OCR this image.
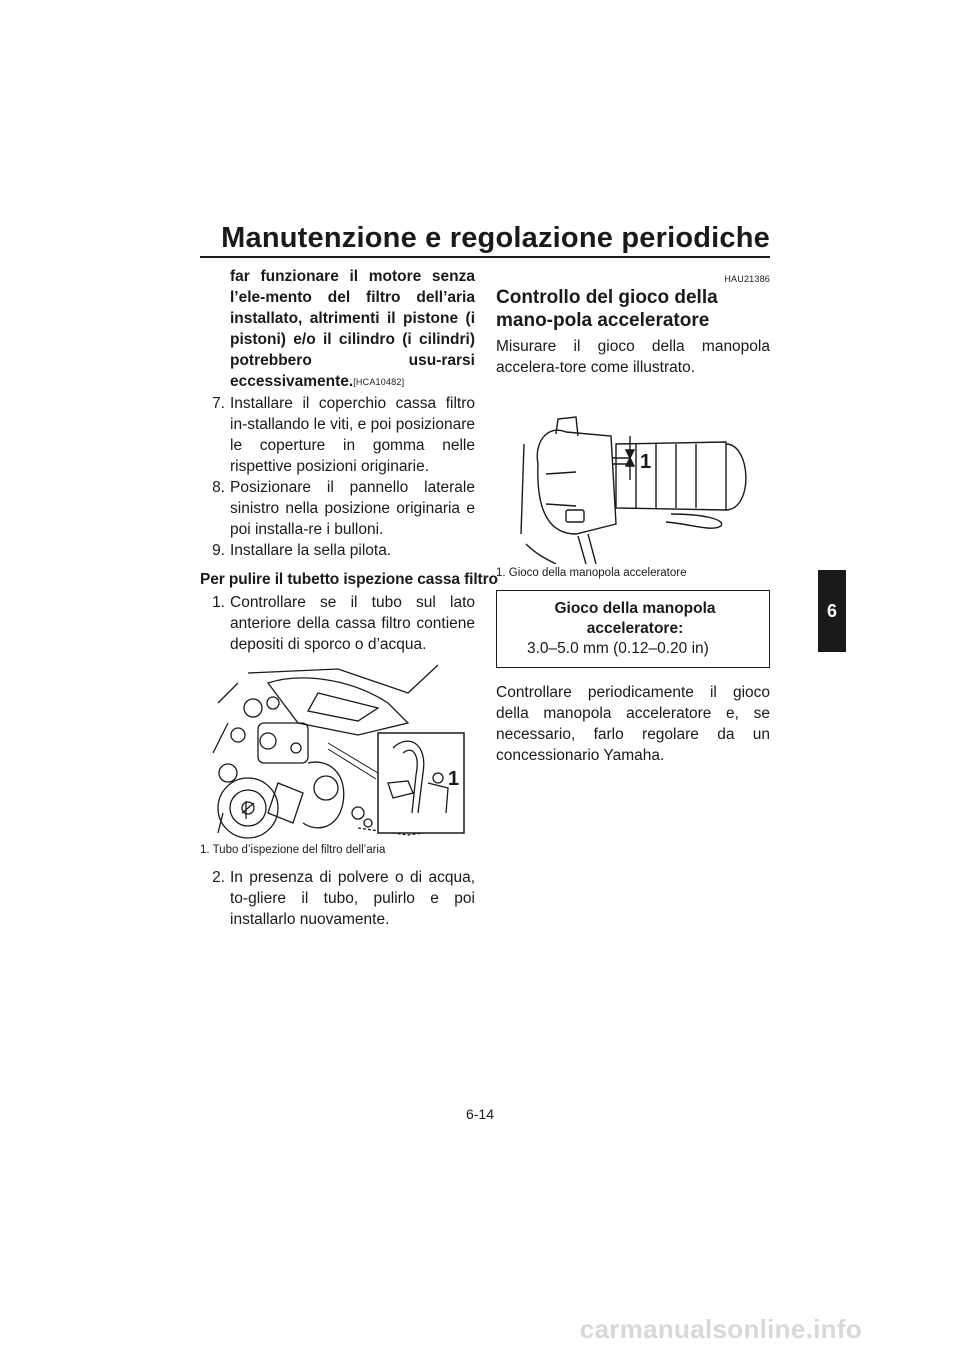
Manutenzione e regolazione periodiche
6

far funzionare il motore senza l’ele-mento del filtro dell’aria installato, altrimenti il pistone (i pistoni) e/o il cilindro (i cilindri) potrebbero usu-rarsi eccessivamente.[HCA10482]

7. Installare il coperchio cassa filtro in-stallando le viti, e poi posizionare le coperture in gomma nelle rispettive posizioni originarie.
8. Posizionare il pannello laterale sinistro nella posizione originaria e poi installa-re i bulloni.
9. Installare la sella pilota.

Per pulire il tubetto ispezione cassa filtro

1. Controllare se il tubo sul lato anteriore della cassa filtro contiene depositi di sporco o d’acqua.
1

1. Tubo d’ispezione del filtro dell’aria

2. In presenza di polvere o di acqua, to-gliere il tubo, pulirlo e poi installarlo nuovamente.

HAU21386

Controllo del gioco della mano-pola acceleratore

Misurare il gioco della manopola accelera-tore come illustrato.

1

1. Gioco della manopola acceleratore

Gioco della manopola acceleratore:
3.0–5.0 mm (0.12–0.20 in)

Controllare periodicamente il gioco della manopola acceleratore e, se necessario, farlo regolare da un concessionario Yamaha.

6-14
carmanualsonline.info
